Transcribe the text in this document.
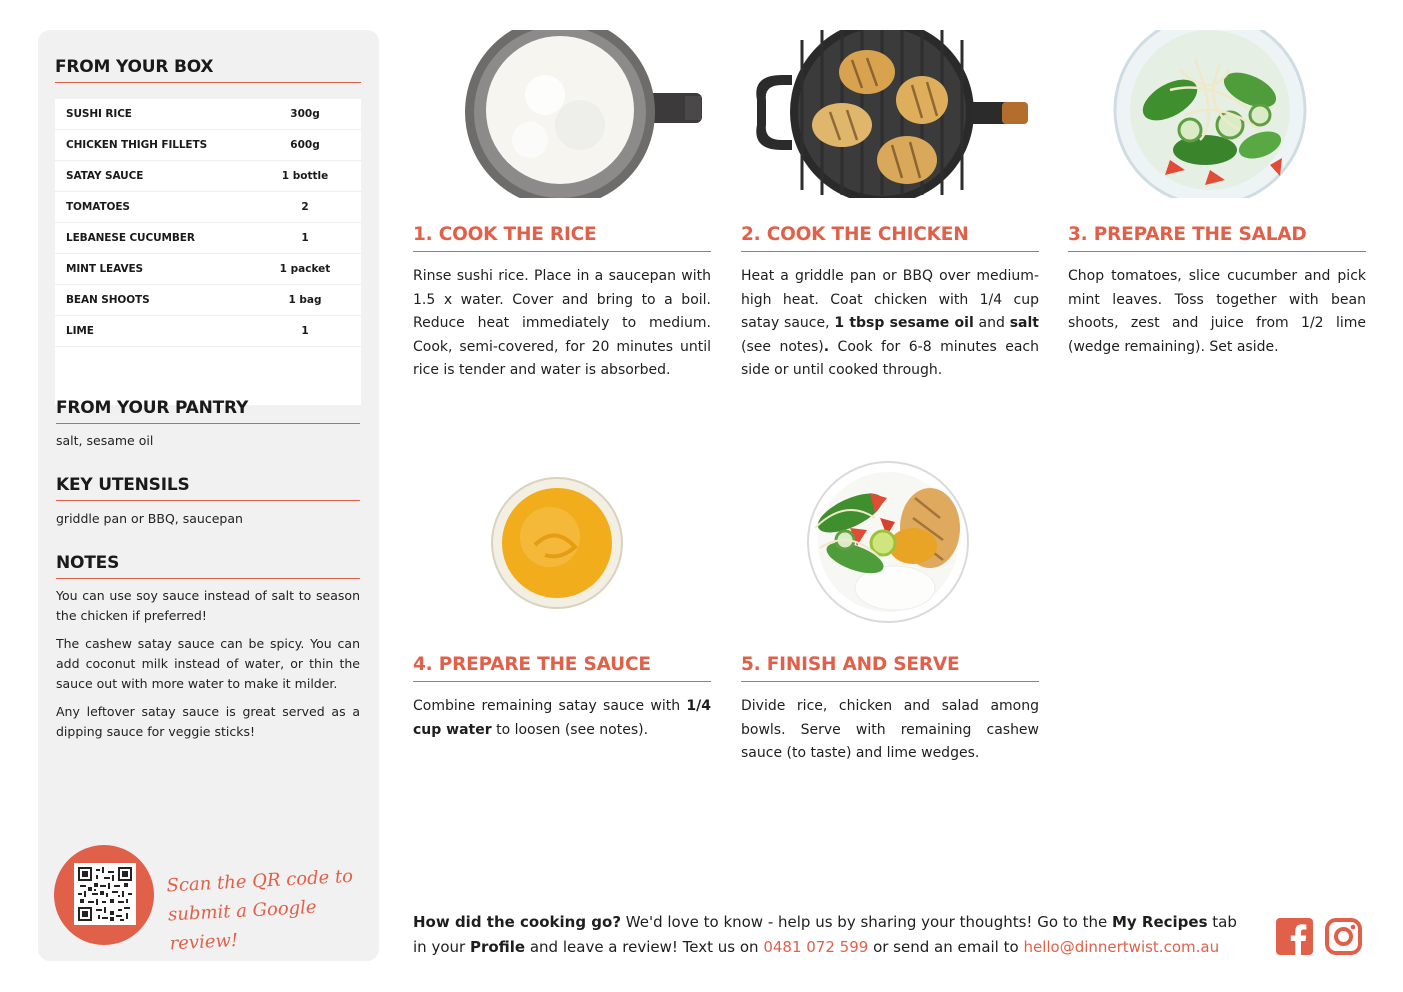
FROM YOUR BOX
SUSHI RICE	300g
CHICKEN THIGH FILLETS	600g
SATAY SAUCE	1 bottle
TOMATOES	2
LEBANESE CUCUMBER	1
MINT LEAVES	1 packet
BEAN SHOOTS	1 bag
LIME	1
FROM YOUR PANTRY
salt, sesame oil
KEY UTENSILS
griddle pan or BBQ, saucepan
NOTES

You can use soy sauce instead of salt to season the chicken if preferred!

The cashew satay sauce can be spicy. You can add coconut milk instead of water, or thin the sauce out with more water to make it milder.

Any leftover satay sauce is great served as a dipping sauce for veggie sticks!

Scan the QR code to
submit a Google review!
1. COOK THE RICE
Rinse sushi rice. Place in a saucepan with 1.5 x water. Cover and bring to a boil. Reduce heat immediately to medium. Cook, semi-covered, for 20 minutes until rice is tender and water is absorbed.
2. COOK THE CHICKEN
Heat a griddle pan or BBQ over medium-high heat. Coat chicken with 1/4 cup satay sauce, 1 tbsp sesame oil and salt (see notes). Cook for 6-8 minutes each side or until cooked through.
3. PREPARE THE SALAD
Chop tomatoes, slice cucumber and pick mint leaves. Toss together with bean shoots, zest and juice from 1/2 lime (wedge remaining). Set aside.
4. PREPARE THE SAUCE
Combine remaining satay sauce with 1/4 cup water to loosen (see notes).
5. FINISH AND SERVE
Divide rice, chicken and salad among bowls. Serve with remaining cashew sauce (to taste) and lime wedges.
How did the cooking go? We'd love to know - help us by sharing your thoughts! Go to the My Recipes tab in your Profile and leave a review! Text us on 0481 072 599 or send an email to hello@dinnertwist.com.au
